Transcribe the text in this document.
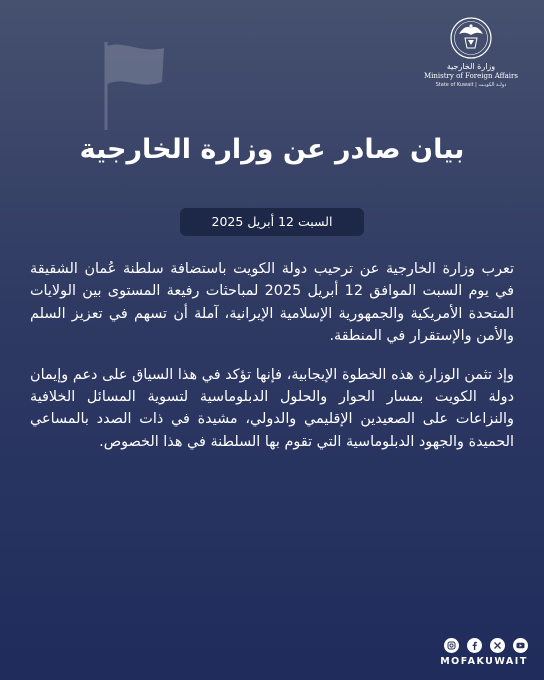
وزارة الخارجية
Ministry of Foreign Affairs
State of Kuwait | دولـة الكويـت
بيان صادر عن وزارة الخارجية
السبت 12 أبريل 2025

تعرب وزارة الخارجية عن ترحيب دولة الكويت باستضافة سلطنة عُمان الشقيقة في يوم السبت الموافق 12 أبريل 2025 لمباحثات رفيعة المستوى بين الولايات المتحدة الأمريكية والجمهورية الإسلامية الإيرانية، آملة أن تسهم في تعزيز السلم والأمن والإستقرار في المنطقة.

وإذ تثمن الوزارة هذه الخطوة الإيجابية، فإنها تؤكد في هذا السياق على دعم وإيمان دولة الكويت بمسار الحوار والحلول الدبلوماسية لتسوية المسائل الخلافية والنزاعات على الصعيدين الإقليمي والدولي، مشيدة في ذات الصدد بالمساعي الحميدة والجهود الدبلوماسية التي تقوم بها السلطنة في هذا الخصوص.

MOFAKUWAIT
